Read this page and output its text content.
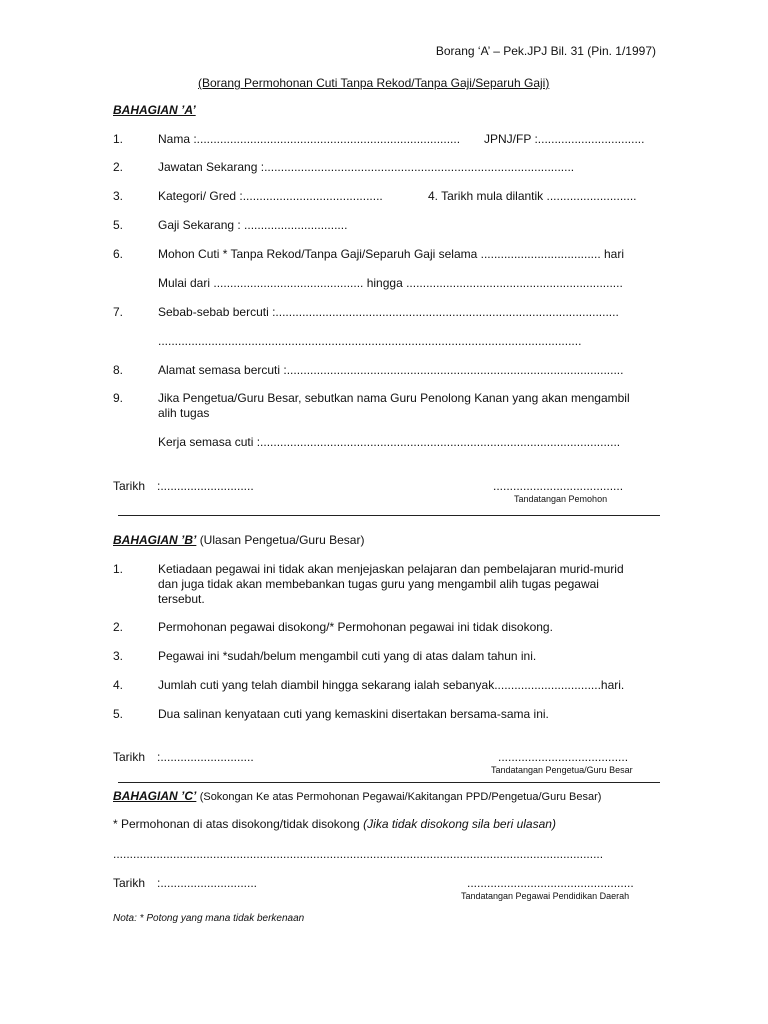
Borang ‘A’ – Pek.JPJ Bil. 31 (Pin. 1/1997)
(Borang Permohonan Cuti Tanpa Rekod/Tanpa Gaji/Separuh Gaji)
BAHAGIAN ’A’
1.	Nama :............................................................................... JPNJ/FP :................................
2.	Jawatan Sekarang :.............................................................................................
3.	Kategori/ Gred :..........................................	4. Tarikh mula dilantik ...........................
5.	Gaji Sekarang : ...............................
6.	Mohon Cuti * Tanpa Rekod/Tanpa Gaji/Separuh Gaji selama .................................... hari
Mulai dari ............................................. hingga .................................................................
7.	Sebab-sebab bercuti :.......................................................................................................
...............................................................................................................................
8.	Alamat semasa bercuti :.....................................................................................................
9.	Jika Pengetua/Guru Besar, sebutkan nama Guru Penolong Kanan yang akan mengambil
alih tugas
Kerja semasa cuti :............................................................................................................
Tarikh :............................	.......................................
Tandatangan Pemohon
BAHAGIAN ’B’ (Ulasan Pengetua/Guru Besar)
1.	Ketiadaan pegawai ini tidak akan menjejaskan pelajaran dan pembelajaran murid-murid
dan juga tidak akan membebankan tugas guru yang mengambil alih tugas pegawai
tersebut.
2.	Permohonan pegawai disokong/* Permohonan pegawai ini tidak disokong.
3.	Pegawai ini *sudah/belum mengambil cuti yang di atas dalam tahun ini.
4.	Jumlah cuti yang telah diambil hingga sekarang ialah sebanyak................................hari.
5.	Dua salinan kenyataan cuti yang kemaskini disertakan bersama-sama ini.
Tarikh :............................	.......................................
Tandatangan Pengetua/Guru Besar
BAHAGIAN ’C’ (Sokongan Ke atas Permohonan Pegawai/Kakitangan PPD/Pengetua/Guru Besar)
* Permohonan di atas disokong/tidak disokong (Jika tidak disokong sila beri ulasan)
...................................................................................................................................................
Tarikh :.............................	..................................................
Tandatangan Pegawai Pendidikan Daerah
Nota: * Potong yang mana tidak berkenaan
